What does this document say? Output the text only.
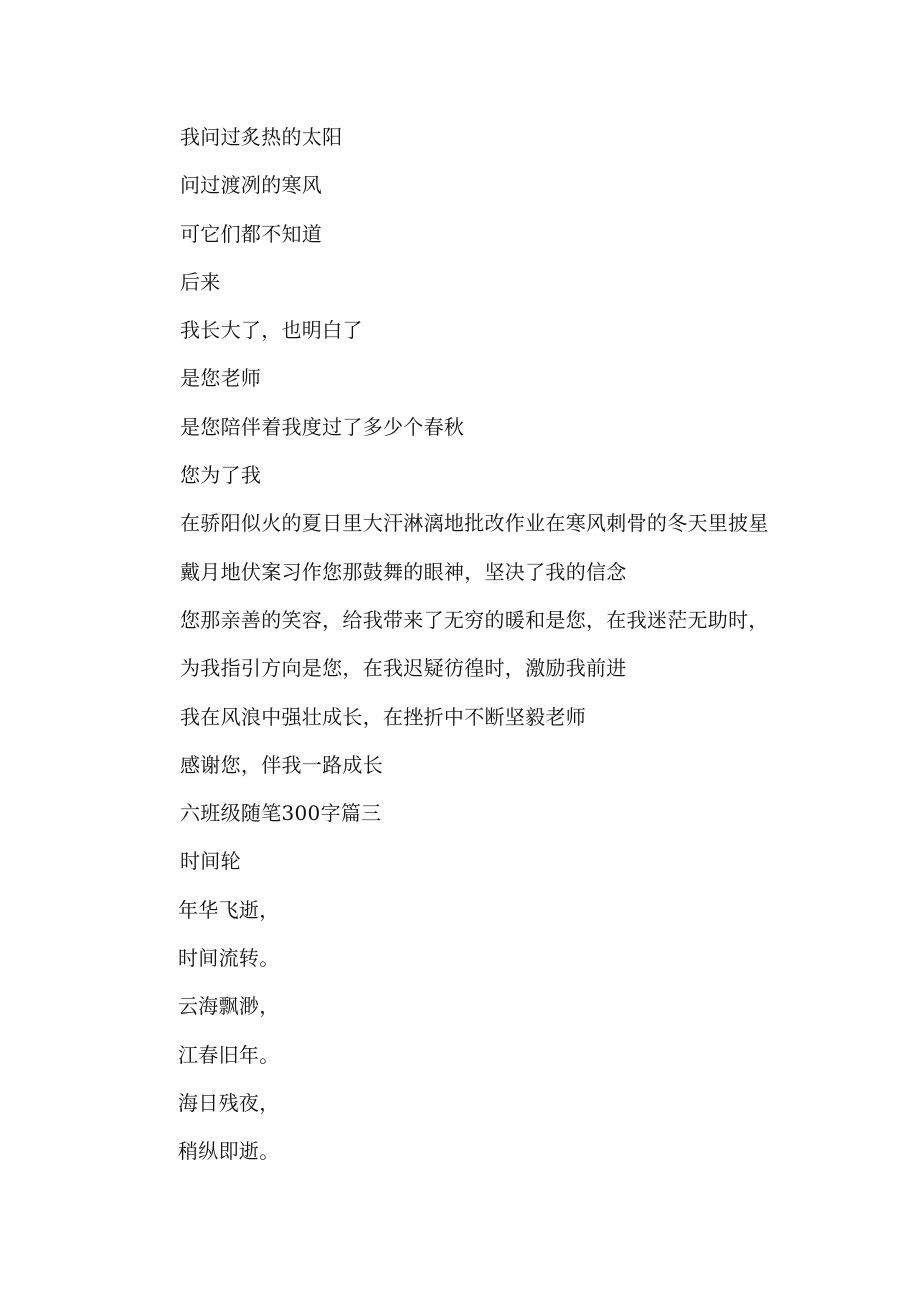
我问过炙热的太阳
问过渡冽的寒风
可它们都不知道
后来
我长大了，也明白了
是您老师
是您陪伴着我度过了多少个春秋
您为了我
在骄阳似火的夏日里大汗淋漓地批改作业在寒风刺骨的冬天里披星
戴月地伏案习作您那鼓舞的眼神，坚决了我的信念
您那亲善的笑容，给我带来了无穷的暖和是您，在我迷茫无助时，
为我指引方向是您，在我迟疑彷徨时，激励我前进
我在风浪中强壮成长，在挫折中不断坚毅老师
感谢您，伴我一路成长
六班级随笔300字篇三
时间轮
年华飞逝，
时间流转。
云海飘渺，
江春旧年。
海日残夜，
稍纵即逝。
